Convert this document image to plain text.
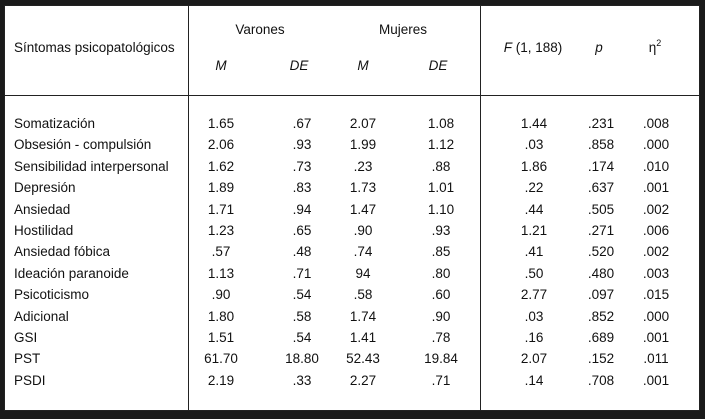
Síntomas psicopatológicos
Varones	Mujeres
M	DE	M	DE
F (1, 188) p	$\eta^2$
Somatización	1.65	.67	2.07	1.08	1.44	.231 .008
Obsesión - compulsión	2.06	.93	1.99	1.12	.03	.858 .000
Sensibilidad interpersonal	1.62	.73	.23	.88	1.86	.174 .010
Depresión	1.89	.83	1.73	1.01	.22	.637 .001
Ansiedad	1.71	.94	1.47	1.10	.44	.505 .002
Hostilidad	1.23	.65	.90	.93	1.21	.271 .006
Ansiedad fóbica	.57	.48	.74	.85	.41	.520 .002
Ideación paranoide	1.13	.71	94	.80	.50	.480 .003
Psicoticismo	.90	.54	.58	.60	2.77	.097 .015
Adicional	1.80	.58	1.74	.90	.03	.852 .000
GSI	1.51	.54	1.41	.78	.16	.689 .001
PST	61.70	18.80 52.43	19.84	2.07	.152 .011
PSDI	2.19	.33	2.27	.71	.14	.708 .001
